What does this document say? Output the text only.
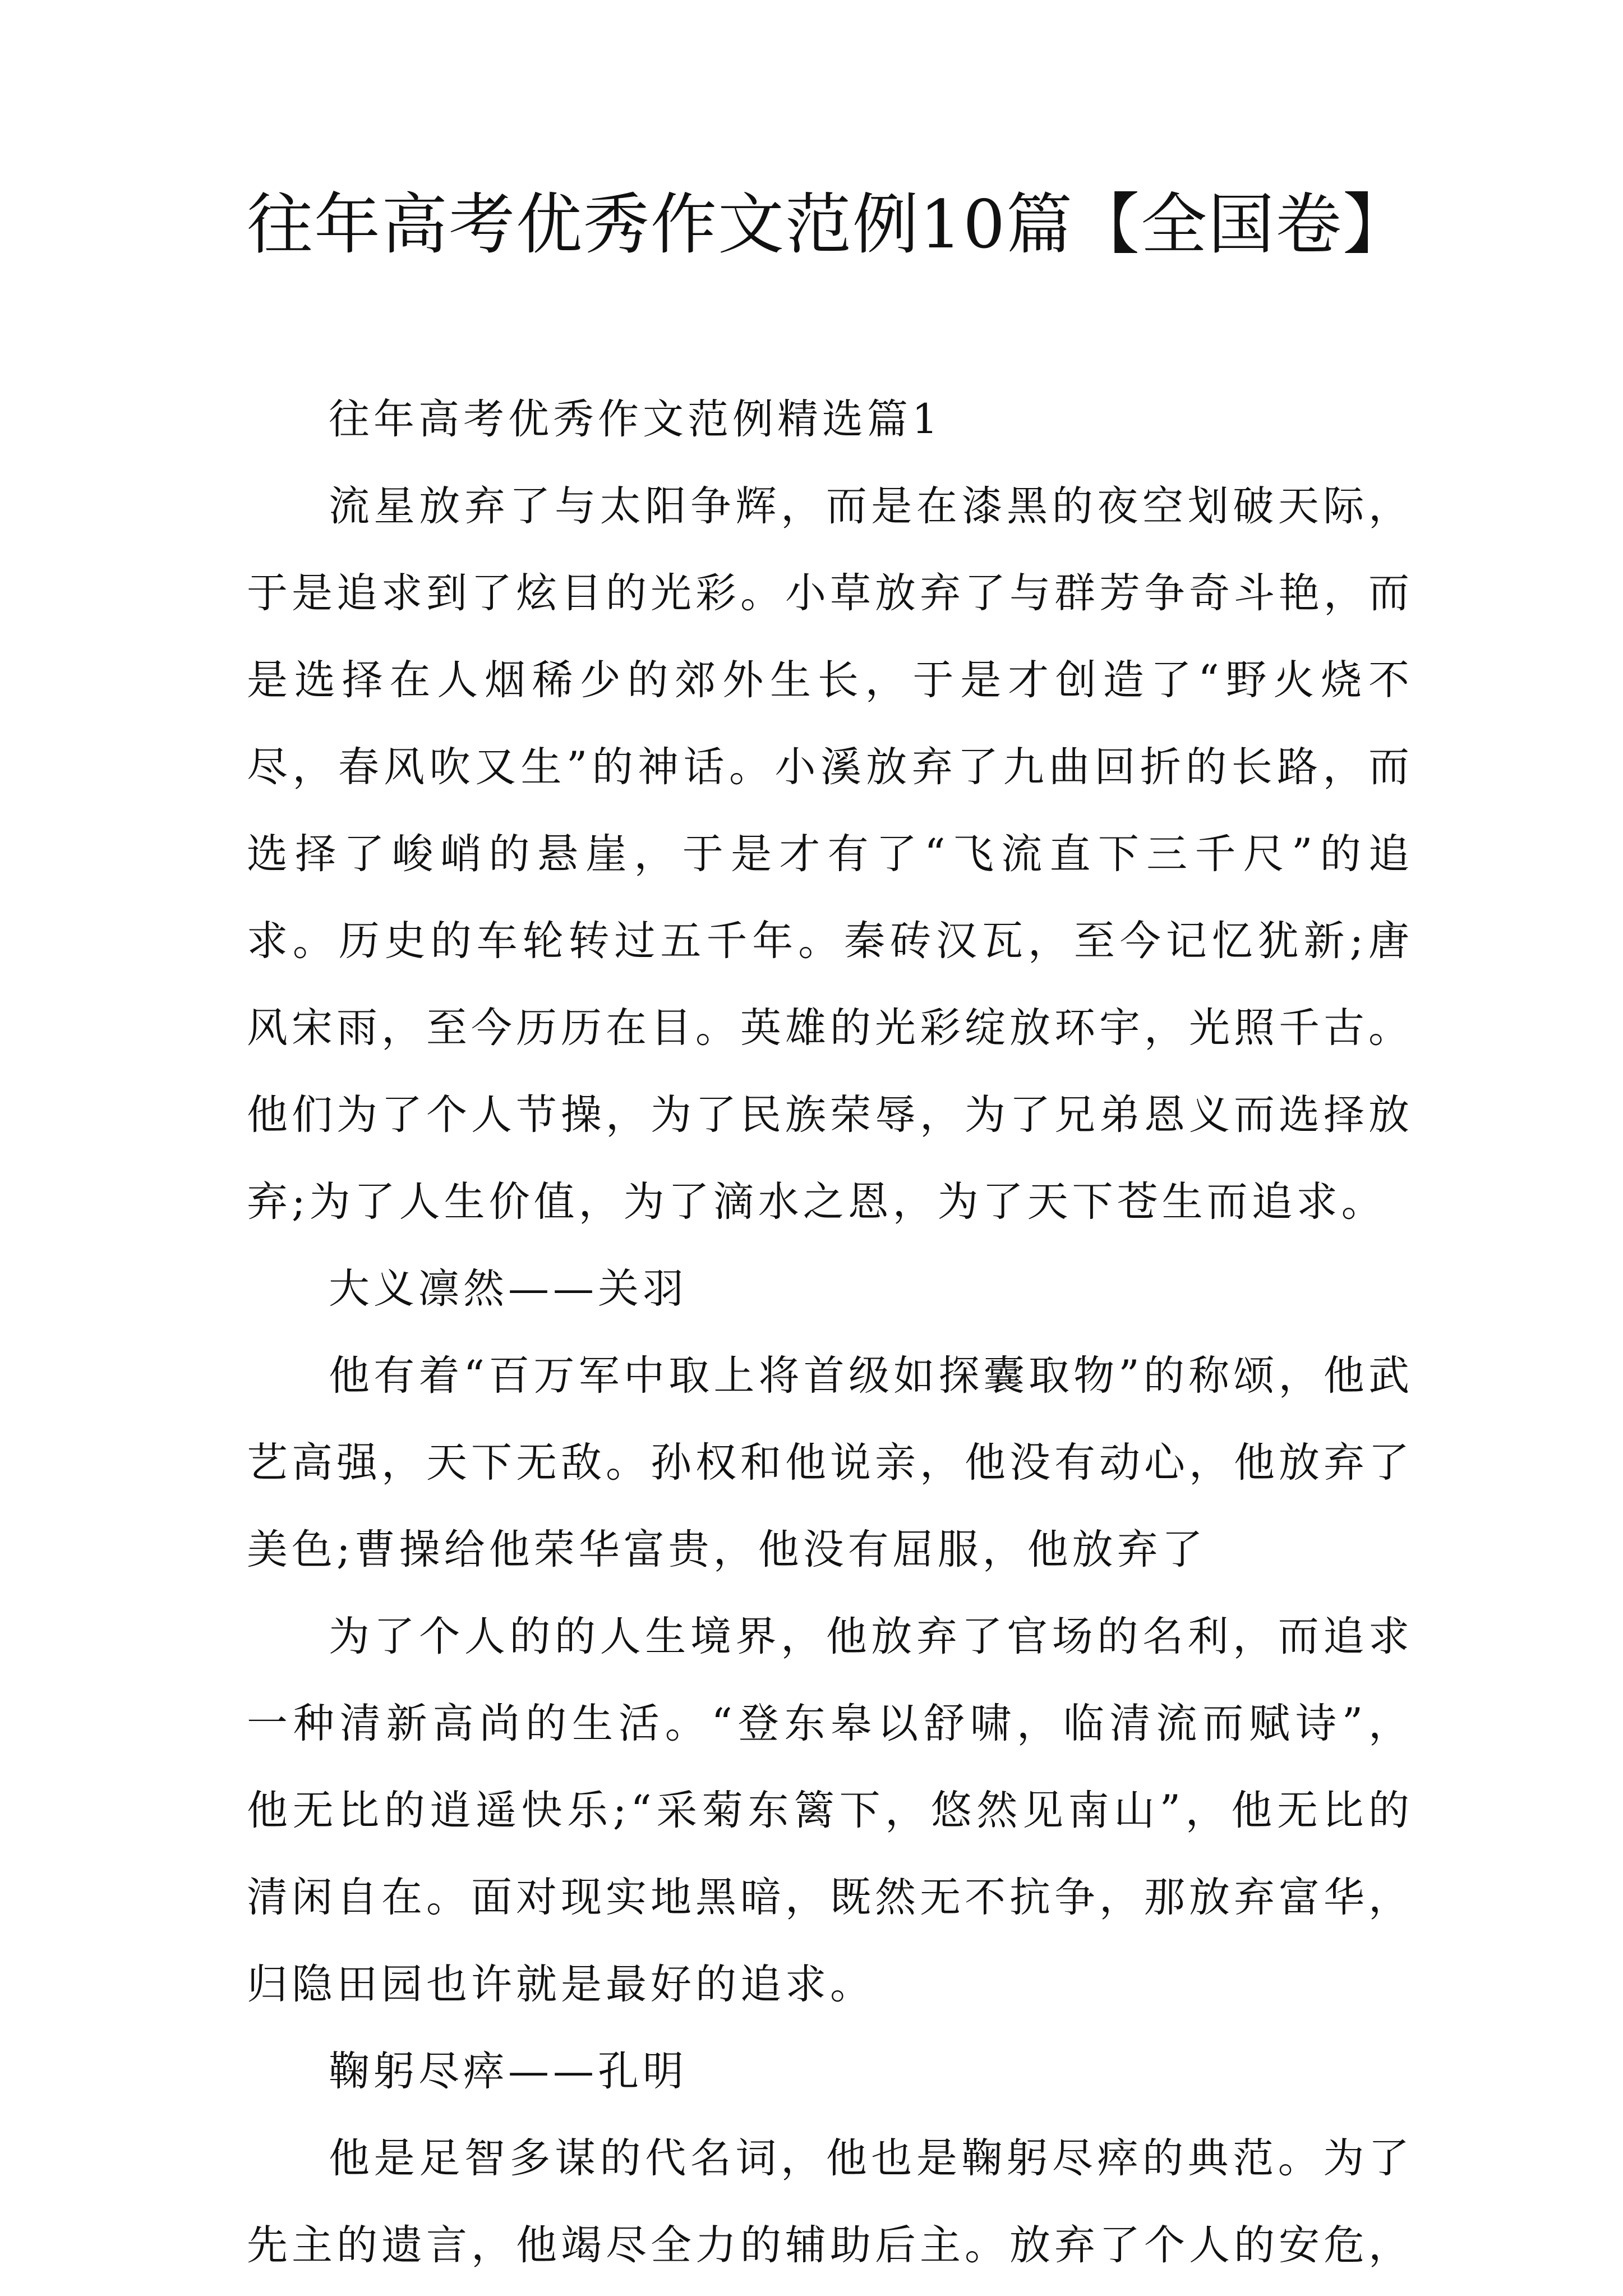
往年高考优秀作文范例10篇【全国卷】

往年高考优秀作文范例精选篇1

流星放弃了与太阳争辉，而是在漆黑的夜空划破天际，于是追求到了炫目的光彩。小草放弃了与群芳争奇斗艳，而是选择在人烟稀少的郊外生长，于是才创造了“野火烧不尽，春风吹又生”的神话。小溪放弃了九曲回折的长路，而选择了峻峭的悬崖，于是才有了“飞流直下三千尺”的追求。历史的车轮转过五千年。秦砖汉瓦，至今记忆犹新;唐风宋雨，至今历历在目。英雄的光彩绽放环宇，光照千古。他们为了个人节操，为了民族荣辱，为了兄弟恩义而选择放弃;为了人生价值，为了滴水之恩，为了天下苍生而追求。

大义凛然——关羽

他有着“百万军中取上将首级如探囊取物”的称颂，他武艺高强，天下无敌。孙权和他说亲，他没有动心，他放弃了美色;曹操给他荣华富贵，他没有屈服，他放弃了

为了个人的的人生境界，他放弃了官场的名利，而追求一种清新高尚的生活。“登东皋以舒啸，临清流而赋诗”，他无比的逍遥快乐;“采菊东篱下，悠然见南山”，他无比的清闲自在。面对现实地黑暗，既然无不抗争，那放弃富华，归隐田园也许就是最好的追求。

鞠躬尽瘁——孔明

他是足智多谋的代名词，他也是鞠躬尽瘁的典范。为了先主的遗言，他竭尽全力的辅助后主。放弃了个人的安危，
